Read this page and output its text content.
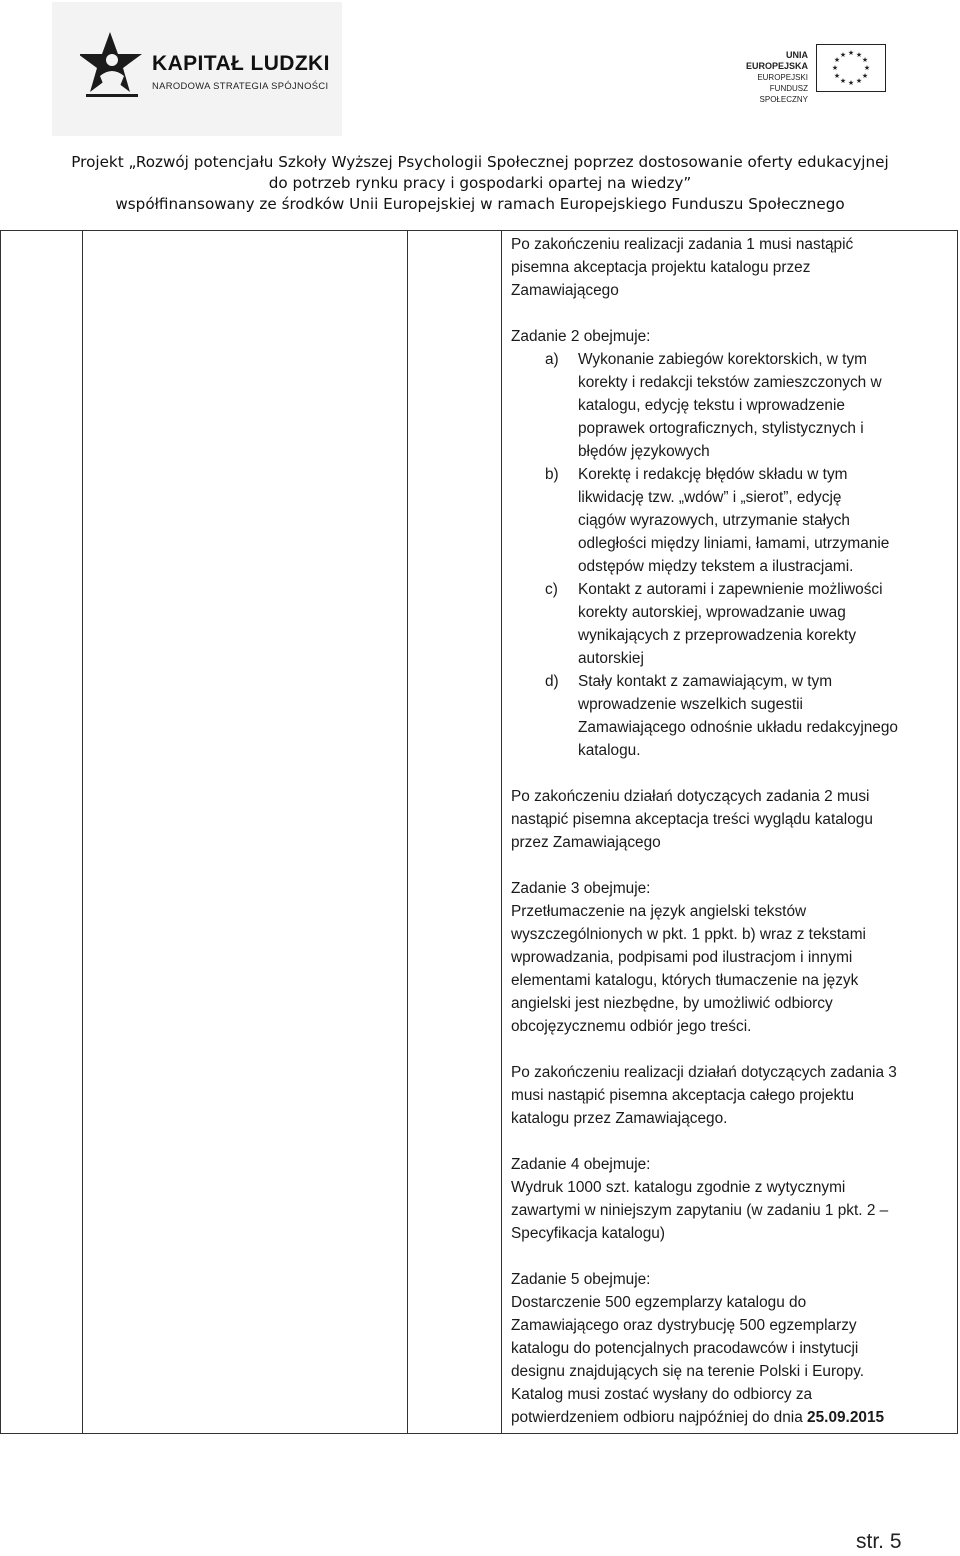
KAPITAŁ LUDZKI
NARODOWA STRATEGIA SPÓJNOŚCI
UNIA EUROPEJSKA
EUROPEJSKI
FUNDUSZ SPOŁECZNY
★ ★
★
★
★
★
★
★
★
★
★
★
Projekt „Rozwój potencjału Szkoły Wyższej Psychologii Społecznej poprzez dostosowanie oferty edukacyjnej
do potrzeb rynku pracy i gospodarki opartej na wiedzy”
współfinansowany ze środków Unii Europejskiej w ramach Europejskiego Funduszu Społecznego

Po zakończeniu realizacji zadania 1 musi nastąpić
pisemna akceptacja projektu katalogu przez
Zamawiającego

Zadanie 2 obejmuje:

a)	Wykonanie zabiegów korektorskich, w tym
korekty i redakcji tekstów zamieszczonych w
katalogu, edycję tekstu i wprowadzenie
poprawek ortograficznych, stylistycznych i
błędów językowych
b)	Korektę i redakcję błędów składu w tym
likwidację tzw. „wdów” i „sierot”, edycję
ciągów wyrazowych, utrzymanie stałych
odległości między liniami, łamami, utrzymanie
odstępów między tekstem a ilustracjami.
c)	Kontakt z autorami i zapewnienie możliwości
korekty autorskiej, wprowadzanie uwag
wynikających z przeprowadzenia korekty
autorskiej
d)	Stały kontakt z zamawiającym, w tym
wprowadzenie wszelkich sugestii
Zamawiającego odnośnie układu redakcyjnego
katalogu.

Po zakończeniu działań dotyczących zadania 2 musi
nastąpić pisemna akceptacja treści wyglądu katalogu
przez Zamawiającego

Zadanie 3 obejmuje:

Przetłumaczenie na język angielski tekstów
wyszczególnionych w pkt. 1 ppkt. b) wraz z tekstami
wprowadzania, podpisami pod ilustracjom i innymi
elementami katalogu, których tłumaczenie na język
angielski jest niezbędne, by umożliwić odbiorcy
obcojęzycznemu odbiór jego treści.

Po zakończeniu realizacji działań dotyczących zadania 3
musi nastąpić pisemna akceptacja całego projektu
katalogu przez Zamawiającego.

Zadanie 4 obejmuje:

Wydruk 1000 szt. katalogu zgodnie z wytycznymi
zawartymi w niniejszym zapytaniu (w zadaniu 1 pkt. 2 –
Specyfikacja katalogu)

Zadanie 5 obejmuje:

Dostarczenie 500 egzemplarzy katalogu do
Zamawiającego oraz dystrybucję 500 egzemplarzy
katalogu do potencjalnych pracodawców i instytucji
designu znajdujących się na terenie Polski i Europy.
Katalog musi zostać wysłany do odbiorcy za
potwierdzeniem odbioru najpóźniej do dnia 25.09.2015

str. 5
